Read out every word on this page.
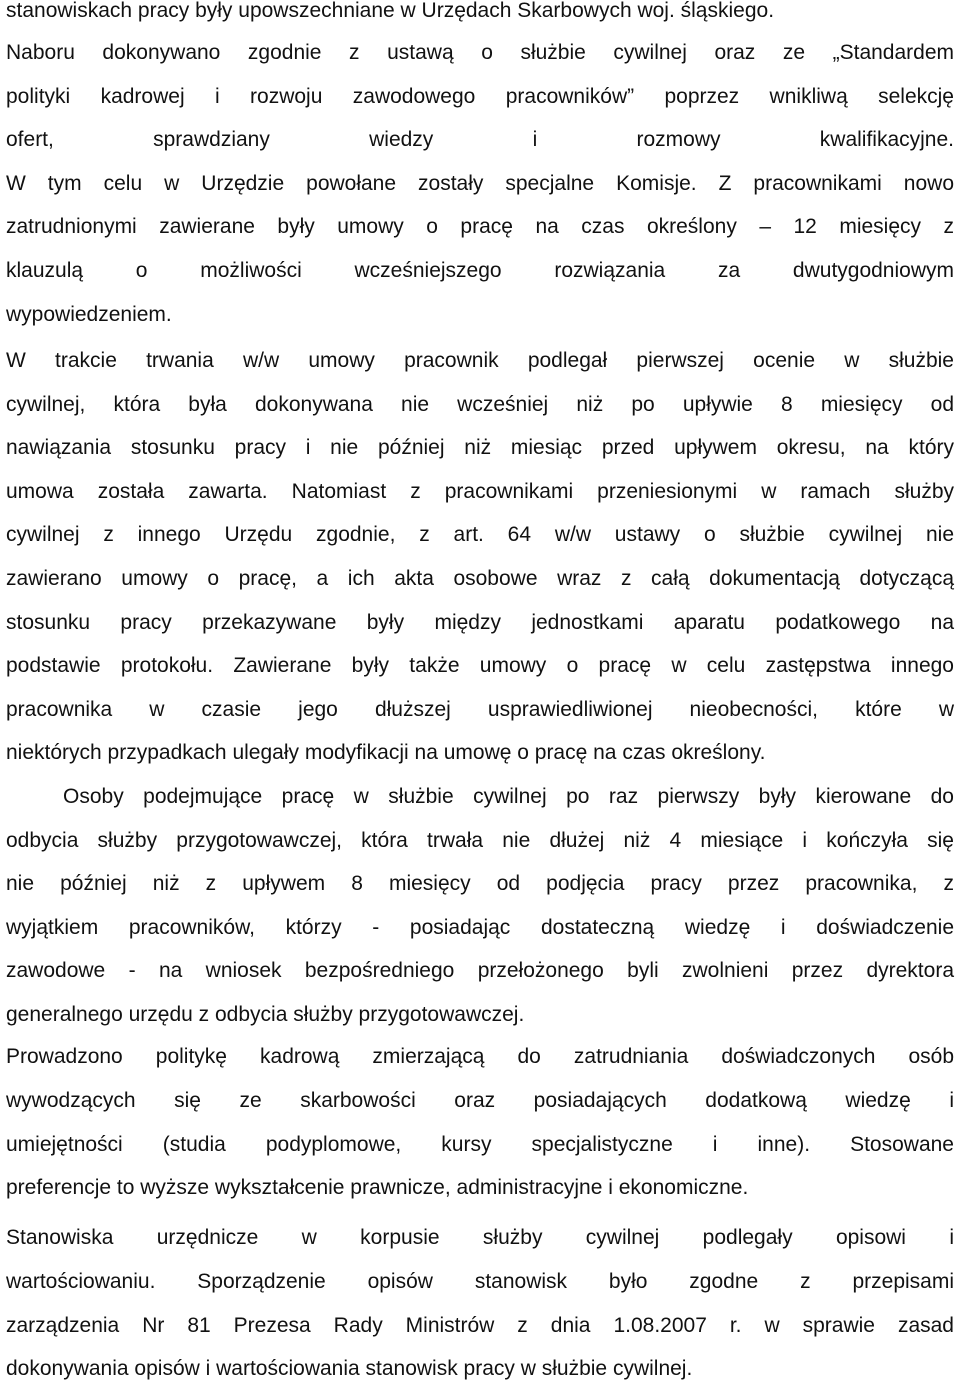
stanowiskach pracy były upowszechniane w Urzędach Skarbowych woj. śląskiego.
Naboru dokonywano zgodnie z ustawą o służbie cywilnej oraz ze „Standardem
polityki kadrowej i rozwoju zawodowego pracowników” poprzez wnikliwą selekcję
ofert, sprawdziany wiedzy i rozmowy kwalifikacyjne.
W tym celu w Urzędzie powołane zostały specjalne Komisje. Z pracownikami nowo
zatrudnionymi zawierane były umowy o pracę na czas określony – 12 miesięcy z
klauzulą o możliwości wcześniejszego rozwiązania za dwutygodniowym
wypowiedzeniem.
W trakcie trwania w/w umowy pracownik podlegał pierwszej ocenie w służbie
cywilnej, która była dokonywana nie wcześniej niż po upływie 8 miesięcy od
nawiązania stosunku pracy i nie później niż miesiąc przed upływem okresu, na który
umowa została zawarta. Natomiast z pracownikami przeniesionymi w ramach służby
cywilnej z innego Urzędu zgodnie, z art. 64 w/w ustawy o służbie cywilnej nie
zawierano umowy o pracę, a ich akta osobowe wraz z całą dokumentacją dotyczącą
stosunku pracy przekazywane były między jednostkami aparatu podatkowego na
podstawie protokołu. Zawierane były także umowy o pracę w celu zastępstwa innego
pracownika w czasie jego dłuższej usprawiedliwionej nieobecności, które w
niektórych przypadkach ulegały modyfikacji na umowę o pracę na czas określony.
Osoby podejmujące pracę w służbie cywilnej po raz pierwszy były kierowane do
odbycia służby przygotowawczej, która trwała nie dłużej niż 4 miesiące i kończyła się
nie później niż z upływem 8 miesięcy od podjęcia pracy przez pracownika, z
wyjątkiem pracowników, którzy - posiadając dostateczną wiedzę i doświadczenie
zawodowe - na wniosek bezpośredniego przełożonego byli zwolnieni przez dyrektora
generalnego urzędu z odbycia służby przygotowawczej.
Prowadzono politykę kadrową zmierzającą do zatrudniania doświadczonych osób
wywodzących się ze skarbowości oraz posiadających dodatkową wiedzę i
umiejętności (studia podyplomowe, kursy specjalistyczne i inne). Stosowane
preferencje to wyższe wykształcenie prawnicze, administracyjne i ekonomiczne.
Stanowiska urzędnicze w korpusie służby cywilnej podlegały opisowi i
wartościowaniu. Sporządzenie opisów stanowisk było zgodne z przepisami
zarządzenia Nr 81 Prezesa Rady Ministrów z dnia 1.08.2007 r. w sprawie zasad
dokonywania opisów i wartościowania stanowisk pracy w służbie cywilnej.
